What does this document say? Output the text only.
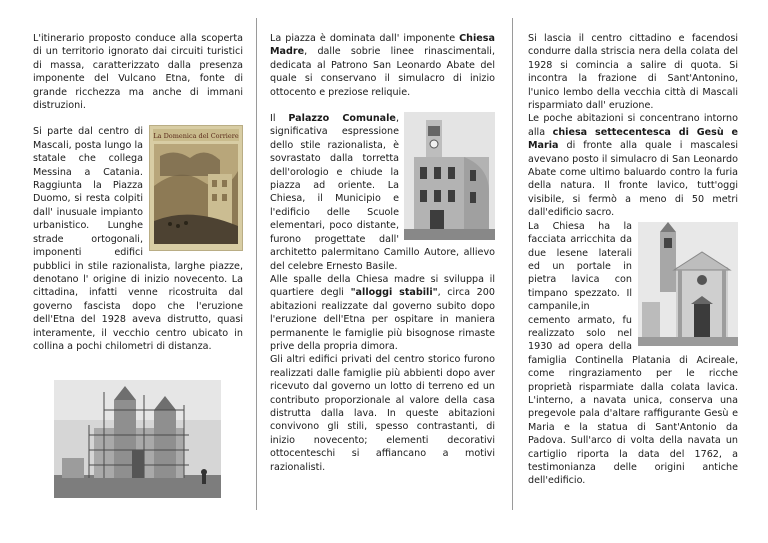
L'itinerario proposto conduce alla scoperta di un territorio ignorato dai circuiti turistici di massa, caratterizzato dalla presenza imponente del Vulcano Etna, fonte di grande ricchezza ma anche di immani distruzioni.

La Domenica del Corriere

Si parte dal centro di Mascali, posta lungo la statale che collega Messina a Catania. Raggiunta la Piazza Duomo, si resta colpiti dall' inusuale impianto urbanistico. Lunghe strade ortogonali, imponenti edifici pubblici in stile razionalista, larghe piazze, denotano l' origine di inizio novecento. La cittadina, infatti venne ricostruita dal governo fascista dopo che l'eruzione dell'Etna del 1928 aveva distrutto, quasi interamente, il vecchio centro ubicato in collina a pochi chilometri di distanza.

La piazza è dominata dall' imponente Chiesa Madre, dalle sobrie linee rinascimentali, dedicata al Patrono San Leonardo Abate del quale si conservano il simulacro di inizio ottocento e preziose reliquie.

Il Palazzo Comunale, significativa espressione dello stile razionalista, è sovrastato dalla torretta dell'orologio e chiude la piazza ad oriente. La Chiesa, il Municipio e l'edificio delle Scuole elementari, poco distante, furono progettate dall' architetto palermitano Camillo Autore, allievo del celebre Ernesto Basile.

Alle spalle della Chiesa madre si sviluppa il quartiere degli "alloggi stabili", circa 200 abitazioni realizzate dal governo subito dopo l'eruzione dell'Etna per ospitare in maniera permanente le famiglie più bisognose rimaste prive della propria dimora.

Gli altri edifici privati del centro storico furono realizzati dalle famiglie più abbienti dopo aver ricevuto dal governo un lotto di terreno ed un contributo proporzionale al valore della casa distrutta dalla lava. In queste abitazioni convivono gli stili, spesso contrastanti, di inizio novecento; elementi decorativi ottocenteschi si affiancano a motivi razionalisti.

Si lascia il centro cittadino e facendosi condurre dalla striscia nera della colata del 1928 si comincia a salire di quota. Si incontra la frazione di Sant'Antonino, l'unico lembo della vecchia città di Mascali risparmiato dall' eruzione.

Le poche abitazioni si concentrano intorno alla chiesa settecentesca di Gesù e Maria di fronte alla quale i mascalesi avevano posto il simulacro di San Leonardo Abate come ultimo baluardo contro la furia della natura. Il fronte lavico, tutt'oggi visibile, si fermò a meno di 50 metri dall'edificio sacro.

La Chiesa ha la facciata arricchita da due lesene laterali ed un portale in pietra lavica con timpano spezzato. Il campanile,in cemento armato, fu realizzato solo nel 1930 ad opera della famiglia Continella Platania di Acireale, come ringraziamento per le ricche proprietà risparmiate dalla colata lavica. L'interno, a navata unica, conserva una pregevole pala d'altare raffigurante Gesù e Maria e la statua di Sant'Antonio da Padova. Sull'arco di volta della navata un cartiglio riporta la data del 1762, a testimonianza delle origini antiche dell'edificio.
